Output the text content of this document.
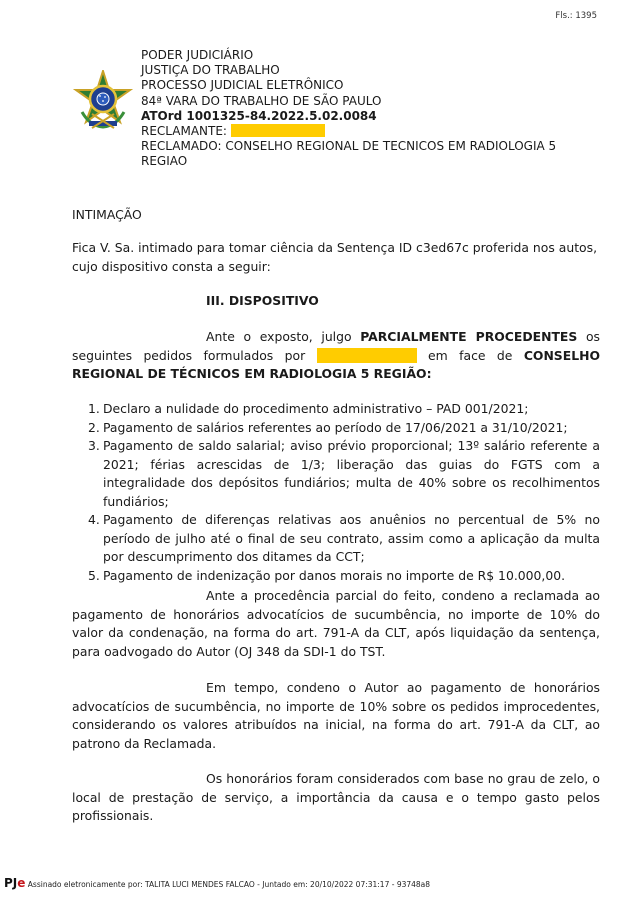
Fls.: 1395
PODER JUDICIÁRIO
JUSTIÇA DO TRABALHO
PROCESSO JUDICIAL ELETRÔNICO
84ª VARA DO TRABALHO DE SÃO PAULO
ATOrd 1001325-84.2022.5.02.0084
RECLAMANTE:
RECLAMADO: CONSELHO REGIONAL DE TECNICOS EM RADIOLOGIA 5
REGIAO
INTIMAÇÃO
Fica V. Sa. intimado para tomar ciência da Sentença ID c3ed67c proferida nos autos, cujo dispositivo consta a seguir:
III. DISPOSITIVO
Ante o exposto, julgo PARCIALMENTE PROCEDENTES os seguintes pedidos formulados por	em face de CONSELHO REGIONAL DE TÉCNICOS EM RADIOLOGIA 5 REGIÃO:
1. Declaro a nulidade do procedimento administrativo – PAD 001/2021;
2. Pagamento de salários referentes ao período de 17/06/2021 a 31/10/2021;
3. Pagamento de saldo salarial; aviso prévio proporcional; 13º salário referente a 2021; férias acrescidas de 1/3; liberação das guias do FGTS com a integralidade dos depósitos fundiários; multa de 40% sobre os recolhimentos fundiários;
4. Pagamento de diferenças relativas aos anuênios no percentual de 5% no período de julho até o final de seu contrato, assim como a aplicação da multa por descumprimento dos ditames da CCT;
5. Pagamento de indenização por danos morais no importe de R$ 10.000,00.
Ante a procedência parcial do feito, condeno a reclamada ao pagamento de honorários advocatícios de sucumbência, no importe de 10% do valor da condenação, na forma do art. 791-A da CLT, após liquidação da sentença, para oadvogado do Autor (OJ 348 da SDI-1 do TST.
Em tempo, condeno o Autor ao pagamento de honorários advocatícios de sucumbência, no importe de 10% sobre os pedidos improcedentes, considerando os valores atribuídos na inicial, na forma do art. 791-A da CLT, ao patrono da Reclamada.
Os honorários foram considerados com base no grau de zelo, o local de prestação de serviço, a importância da causa e o tempo gasto pelos profissionais.
PJe Assinado eletronicamente por: TALITA LUCI MENDES FALCAO - Juntado em: 20/10/2022 07:31:17 - 93748a8
